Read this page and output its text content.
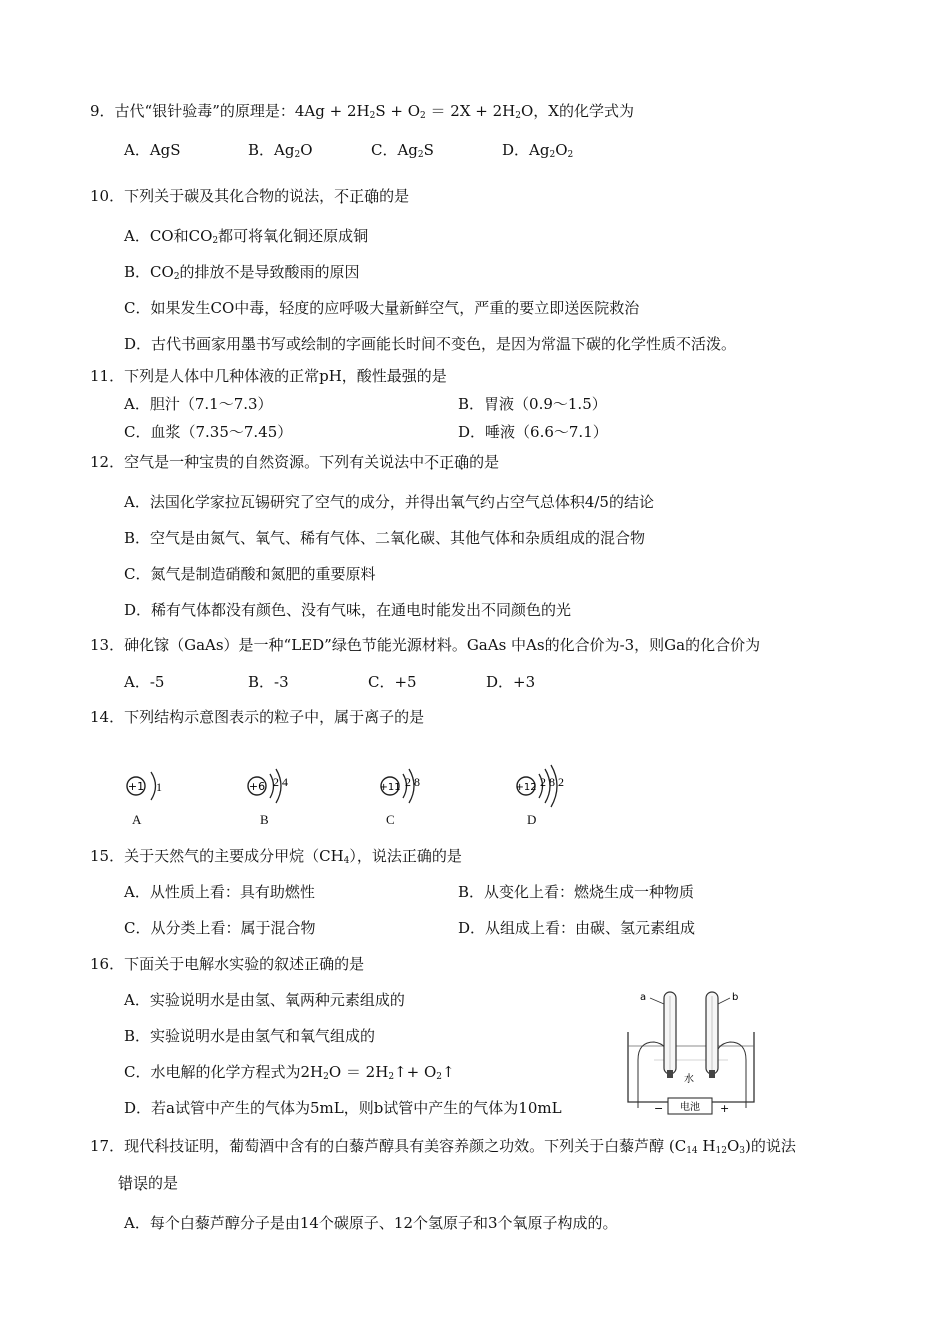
9．古代“银针验毒”的原理是：$4Ag + 2H_2S + O_2 = 2X + 2H_2O$，X的化学式为
A．AgS	B．$Ag_2O$	C．$Ag_2S$	D．$Ag_2O_2$
10．下列关于碳及其化合物的说法，不正确的是
A．CO和$CO_2$都可将氧化铜还原成铜
B．$CO_2$的排放不是导致酸雨的原因
C．如果发生CO中毒，轻度的应呼吸大量新鲜空气，严重的要立即送医院救治
D．古代书画家用墨书写或绘制的字画能长时间不变色，是因为常温下碳的化学性质不活泼。
11．下列是人体中几种体液的正常pH，酸性最强的是
A．胆汁（7.1～7.3）	B．胃液（0.9～1.5）
C．血浆（7.35～7.45）	D．唾液（6.6～7.1）
12．空气是一种宝贵的自然资源。下列有关说法中不正确的是
A．法国化学家拉瓦锡研究了空气的成分，并得出氧气约占空气总体积4/5的结论
B．空气是由氮气、氧气、稀有气体、二氧化碳、其他气体和杂质组成的混合物
C．氮气是制造硝酸和氮肥的重要原料
D．稀有气体都没有颜色、没有气味，在通电时能发出不同颜色的光
13．砷化镓（GaAs）是一种“LED”绿色节能光源材料。GaAs 中As的化合价为-3，则Ga的化合价为
A．-5	B．-3	C．+5	D．+3
14．下列结构示意图表示的粒子中，属于离子的是
+1 1	+6 2 4	+11 2 8	+12 2 8 2
A	B	C	D
15．关于天然气的主要成分甲烷$(CH_4)$，说法正确的是
A．从性质上看：具有助燃性	B．从变化上看：燃烧生成一种物质
C．从分类上看：属于混合物	D．从组成上看：由碳、氢元素组成
16．下面关于电解水实验的叙述正确的是
A．实验说明水是由氢、氧两种元素组成的
B．实验说明水是由氢气和氧气组成的
C．水电解的化学方程式为$2H_2O$ ＝ $2H_2↑+$ $O_2↑$
D．若a试管中产生的气体为5mL，则b试管中产生的气体为10mL
a	b
水
电池
−	+
17．现代科技证明，葡萄酒中含有的白藜芦醇具有美容养颜之功效。下列关于白藜芦醇 ($C_{14}$ $H_{12}O_3$)的说法
错误的是
A．每个白藜芦醇分子是由14个碳原子、12个氢原子和3个氧原子构成的。
